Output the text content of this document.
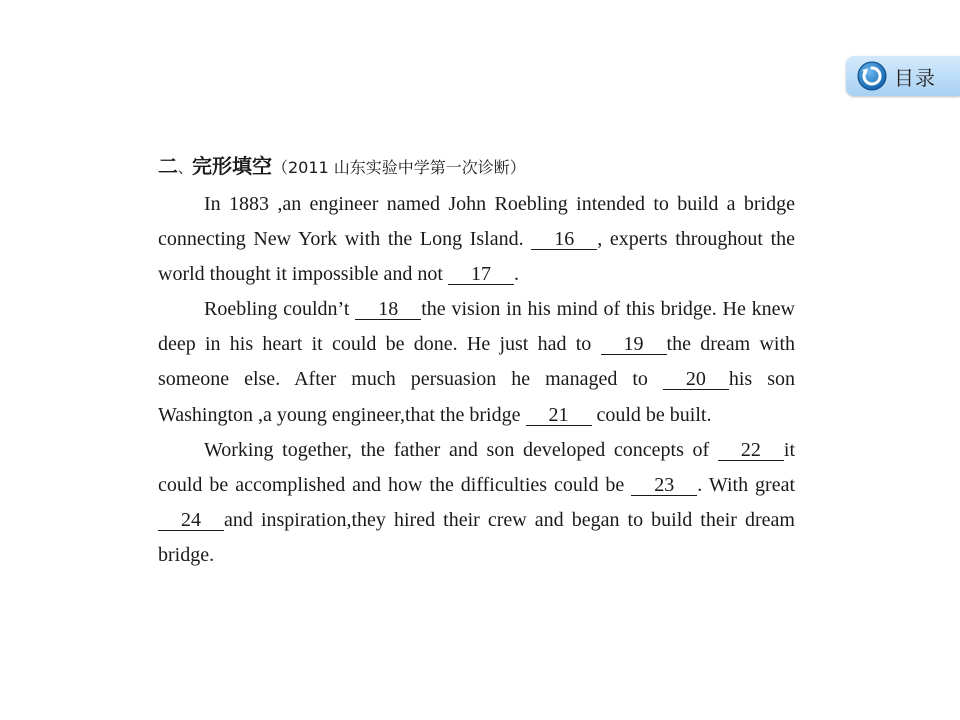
目录
二、完形填空（2011 山东实验中学第一次诊断）

In 1883 ,an engineer named John Roebling intended to build a bridge connecting New York with the Long Island. 16 , experts throughout the world thought it impossible and not 17 .

Roebling couldn’t 18 the vision in his mind of this bridge. He knew deep in his heart it could be done. He just had to 19 the dream with someone else. After much persuasion he managed to 20 his son Washington ,a young engineer,that the bridge 21 could be built.

Working together, the father and son developed concepts of 22 it could be accomplished and how the difficulties could be 23 . With great 24 and inspiration,they hired their crew and began to build their dream bridge.
